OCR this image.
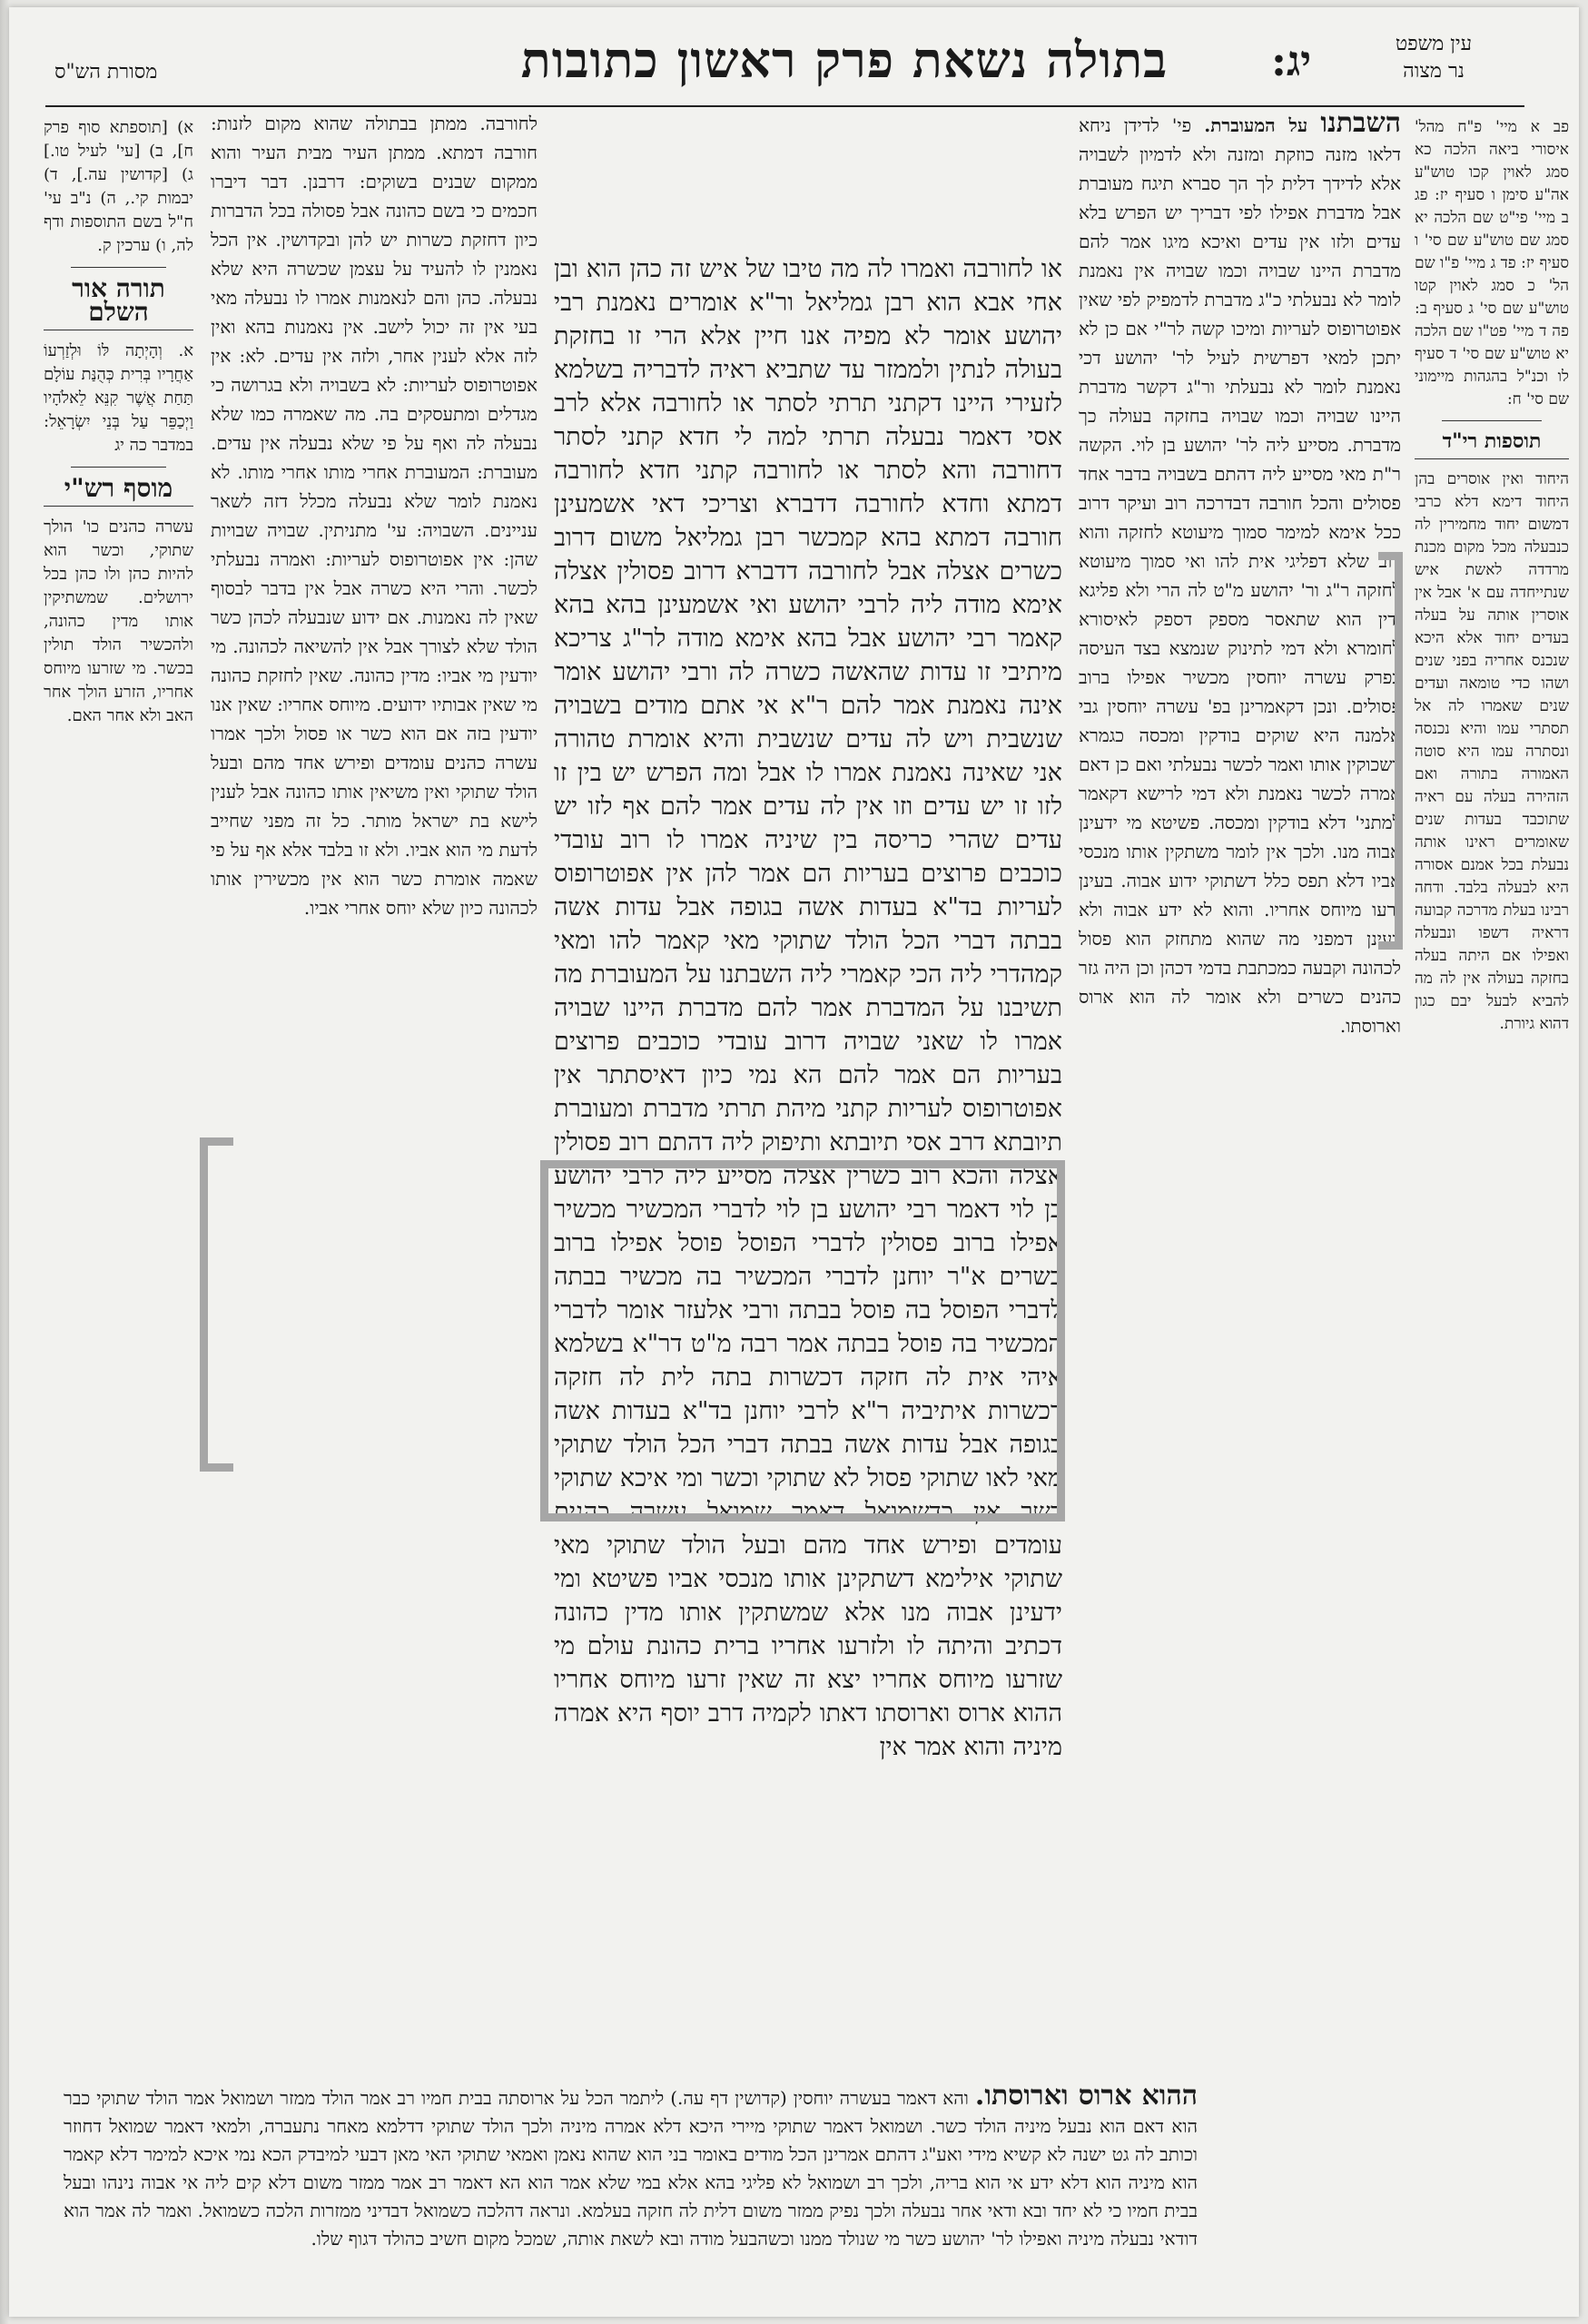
מסורת הש"ס	בתולה נשאת פרק ראשון כתובות	יג:	עין משפט
נר מצוה
א) [תוספתא סוף פרק ח], ב) [עי' לעיל טו.] ג) [קדושין עה.], ד) יבמות קי., ה) נ"ב עי' ח"ל בשם התוספות ודף לה, ו) ערכין ק.
תורה אור השלם
א. וְהָיְתָה לּוֹ וּלְזַרְעוֹ אַחֲרָיו בְּרִית כְּהֻנַּת עוֹלָם תַּחַת אֲשֶׁר קִנֵּא לֵאלֹהָיו וַיְכַפֵּר עַל בְּנֵי יִשְׂרָאֵל: במדבר כה יג
מוסף רש"י
עשרה כהנים כו' הולך שתוקי, וכשר הוא להיות כהן ולו כהן בכל ירושלים. שמשתיקין אותו מדין כהונה, ולהכשיר הולד תולין בכשר. מי שזרעו מיוחס אחריו, הזרע הולך אחר האב ולא אחר האם.
לחורבה. ממתן בבתולה שהוא מקום לזנות: חורבה דמתא. ממתן העיר מבית העיר והוא ממקום שבנים בשוקים: דרבנן. דבר דיברו חכמים כי בשם כהונה אבל פסולה בכל הדברות כיון דחזקת כשרות יש להן ובקדושין. אין הכל נאמנין לו להעיד על עצמן שכשרה היא שלא נבעלה. כהן והם לנאמנות אמרו לו נבעלה מאי בעי אין זה יכול לישב. אין נאמנות בהא ואין לזה אלא לענין אחר, ולזה אין עדים. לא: אין אפוטרופוס לעריות: לא בשבויה ולא בגרושה כי מגדלים ומתעסקים בה. מה שאמרה כמו שלא נבעלה לה ואף על פי שלא נבעלה אין עדים. מעוברת: המעוברת אחרי מותו אחרי מותו. לא נאמנת לומר שלא נבעלה מכלל דזה לשאר עניינים. השבויה: עי' מתניתין. שבויה שבויות שהן: אין אפוטרופוס לעריות: ואמרה נבעלתי לכשר. והרי היא כשרה אבל אין בדבר לבסוף שאין לה נאמנות. אם ידוע שנבעלה לכהן כשר הולד שלא לצורך אבל אין להשיאה לכהונה. מי יודעין מי אביו: מדין כהונה. שאין לחזקת כהונה מי שאין אבותיו ידועים. מיוחס אחריו: שאין אנו יודעין בזה אם הוא כשר או פסול ולכך אמרו עשרה כהנים עומדים ופירש אחד מהם ובעל הולד שתוקי ואין משיאין אותו כהונה אבל לענין לישא בת ישראל מותר. כל זה מפני שחייב לדעת מי הוא אביו. ולא זו בלבד אלא אף על פי שאמה אומרת כשר הוא אין מכשירין אותו לכהונה כיון שלא יוחס אחרי אביו.
או לחורבה ואמרו לה מה טיבו של איש זה כהן הוא ובן אחי אבא הוא רבן גמליאל ור"א אומרים נאמנת רבי יהושע אומר לא מפיה אנו חיין אלא הרי זו בחזקת בעולה לנתין ולממזר עד שתביא ראיה לדבריה בשלמא לזעירי היינו דקתני תרתי לסתר או לחורבה אלא לרב אסי דאמר נבעלה תרתי למה לי חדא קתני לסתר דחורבה והא לסתר או לחורבה קתני חדא לחורבה דמתא וחדא לחורבה דדברא וצריכי דאי אשמעינן חורבה דמתא בהא קמכשר רבן גמליאל משום דרוב כשרים אצלה אבל לחורבה דדברא דרוב פסולין אצלה אימא מודה ליה לרבי יהושע ואי אשמעינן בהא בהא קאמר רבי יהושע אבל בהא אימא מודה לר"ג צריכא מיתיבי זו עדות שהאשה כשרה לה ורבי יהושע אומר אינה נאמנת אמר להם ר"א אי אתם מודים בשבויה שנשבית ויש לה עדים שנשבית והיא אומרת טהורה אני שאינה נאמנת אמרו לו אבל ומה הפרש יש בין זו לזו זו יש עדים וזו אין לה עדים אמר להם אף לזו יש עדים שהרי כריסה בין שיניה אמרו לו רוב עובדי כוכבים פרוצים בעריות הם אמר להן אין אפוטרופוס לעריות בד"א בעדות אשה בגופה אבל עדות אשה בבתה דברי הכל הולד שתוקי מאי קאמר להו ומאי קמהדרי ליה הכי קאמרי ליה השבתנו על המעוברת מה תשיבנו על המדברת אמר להם מדברת היינו שבויה אמרו לו שאני שבויה דרוב עובדי כוכבים פרוצים בעריות הם אמר להם הא נמי כיון דאיסתתר אין אפוטרופוס לעריות קתני מיהת תרתי מדברת ומעוברת תיובתא דרב אסי תיובתא ותיפוק ליה דהתם רוב פסולין אצלה והכא רוב כשרין אצלה מסייע ליה לרבי יהושע בן לוי דאמר רבי יהושע בן לוי לדברי המכשיר מכשיר אפילו ברוב פסולין לדברי הפוסל פוסל אפילו ברוב כשרים א"ר יוחנן לדברי המכשיר בה מכשיר בבתה לדברי הפוסל בה פוסל בבתה ורבי אלעזר אומר לדברי המכשיר בה פוסל בבתה אמר רבה מ"ט דר"א בשלמא איהי אית לה חזקה דכשרות בתה לית לה חזקה דכשרות איתיביה ר"א לרבי יוחנן בד"א בעדות אשה בגופה אבל עדות אשה בבתה דברי הכל הולד שתוקי מאי לאו שתוקי פסול לא שתוקי וכשר ומי איכא שתוקי כשר אין כדשמואל דאמר שמואל עשרה כהנים עומדים ופירש אחד מהם ובעל הולד שתוקי מאי שתוקי אילימא דשתקינן אותו מנכסי אביו פשיטא ומי ידעינן אבוה מנו אלא שמשתקין אותו מדין כהונה דכתיב והיתה לו ולזרעו אחריו ברית כהונת עולם מי שזרעו מיוחס אחריו יצא זה שאין זרעו מיוחס אחריו ההוא ארוס וארוסתו דאתו לקמיה דרב יוסף היא אמרה מיניה והוא אמר אין
השבתנו על המעוברת. פי' לדידן ניחא דלאו מזנה כוזקת ומזנה ולא לדמיון לשבויה אלא לדידך דלית לך הך סברא תיגח מעוברת אבל מדברת אפילו לפי דבריך יש הפרש בלא עדים ולזו אין עדים ואיכא מיגו אמר להם מדברת היינו שבויה וכמו שבויה אין נאמנת לומר לא נבעלתי כ"ג מדברת לדמפיק לפי שאין אפוטרופוס לעריות ומיכו קשה לר"י אם כן לא יתכן למאי דפרשית לעיל לר' יהושע דכי נאמנת לומר לא נבעלתי ור"ג דקשר מדברת היינו שבויה וכמו שבויה בחזקה בעולה כך מדברת. מסייע ליה לר' יהושע בן לוי. הקשה ר"ת מאי מסייע ליה דהתם בשבויה בדבר אחד פסולים והכל חורבה דבדרכה רוב ועיקר דרוב ככל אימא למימר סמוך מיעוטא לחזקה והוא רוב שלא דפליגי אית להו ואי סמוך מיעוטא לחזקה ר"ג ור' יהושע מ"ט לה הרי ולא פליגא ודין הוא שתאסר מספק דספק לאיסורא לחומרא ולא דמי לתינוק שנמצא בצד העיסה בפרק עשרה יוחסין מכשיר אפילו ברוב פסולים. ונכן דקאמרינן בפ' עשרה יוחסין גבי אלמנה היא שוקים בודקין ומכסה כגמרא דשכוקין אותו ואמר לכשר נבעלתי ואם כן דאם אמרה לכשר נאמנת ולא דמי לרישא דקאמר למתני' דלא בודקין ומכסה. פשיטא מי ידעינן אבוה מנו. ולכך אין לומר משתקין אותו מנכסי אביו דלא תפס כלל דשתוקי ידוע אבוה. בעינן זרעו מיוחס אחריו. והוא לא ידע אבוה ולא בעינן דמפני מה שהוא מתחזק הוא פסול לכהונה וקבעה כמכתבת בדמי דכהן וכן היה גזר כהנים כשרים ולא אומר לה הוא ארוס וארוסתו.
פב א מיי' פ"ח מהל' איסורי ביאה הלכה כא סמג לאוין קכו טוש"ע אה"ע סימן ו סעיף יז: פג ב מיי' פי"ט שם הלכה יא סמג שם טוש"ע שם סי' ו סעיף יז: פד ג מיי' פ"ו שם הל' כ סמג לאוין קטו טוש"ע שם סי' ג סעיף ב: פה ד מיי' פט"ו שם הלכה יא טוש"ע שם סי' ד סעיף לו וכנ"ל בהגהות מיימוני שם סי' ח:
תוספות רי"ד
היחוד ואין אוסרים בהן היחוד דימא דלא כרבי דמשום יחוד מחמירין לה כנבעלה מכל מקום מכנת מרדדה לאשת איש שנתייחדה עם א' אבל אין אוסרין אותה על בעלה בעדים יחוד אלא היכא שנכנס אחריה בפני שנים ושהו כדי טומאה ועדים שנים שאמרו לה אל תסתרי עמו והיא נכנסה ונסתרה עמו היא סוטה האמורה בתורה ואם הזהירה בעלה עם ראיה שתוכבד בעדות שנים שאומרים ראינו אותה נבעלת בכל אמנם אסורה היא לבעלה בלבד. ודחה רבינו בעלת מדרכה קבועה דראיה דשפו ונבעלה ואפילו אם היתה בעלה בחזקה בעולה אין לה מה להביא לבעל יבם כגון דהוא גיורת.
ההוא ארוס וארוסתו. והא דאמר בעשרה יוחסין (קדושין דף עה.) ליתמר הכל על ארוסתה בבית חמיו רב אמר הולד ממזר ושמואל אמר הולד שתוקי כבר הוא דאם הוא נבעל מיניה הולד כשר. ושמואל דאמר שתוקי מיירי היכא דלא אמרה מיניה ולכך הולד שתוקי דדלמא מאחר נתעברה, ולמאי דאמר שמואל דחוזר וכותב לה גט ישנה לא קשיא מידי ואע"ג דהתם אמרינן הכל מודים באומר בני הוא שהוא נאמן ואמאי שתוקי האי מאן דבעי למיבדק הכא נמי איכא למימר דלא קאמר הוא מיניה הוא דלא ידע אי הוא בריה, ולכך רב ושמואל לא פליגי בהא אלא במי שלא אמר הוא הא דאמר רב אמר ממזר משום דלא קים ליה אי אבוה נינהו ובעל בבית חמיו כי לא יחד ובא ודאי אחר נבעלה ולכך נפיק ממזר משום דלית לה חזקה בעלמא. ונראה דהלכה כשמואל דבדיני ממזרות הלכה כשמואל. ואמר לה אמר הוא דודאי נבעלה מיניה ואפילו לר' יהושע כשר מי שנולד ממנו וכשהבעל מודה ובא לשאת אותה, שמכל מקום חשיב כהולד דגוף שלו.
